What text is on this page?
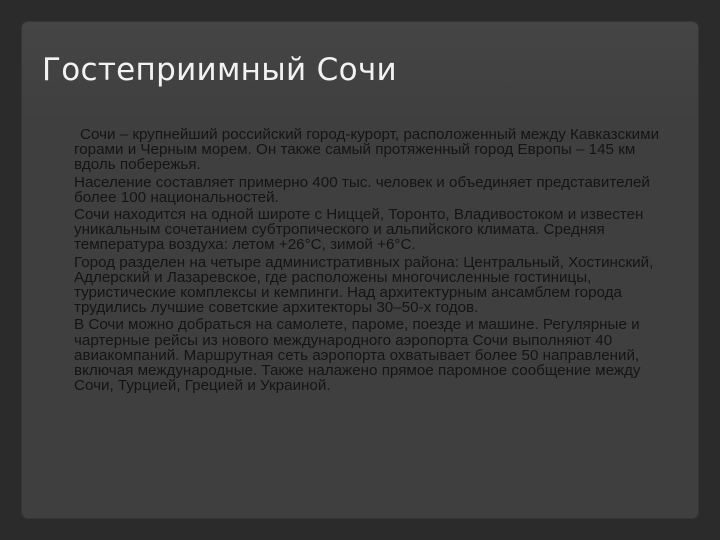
Гостеприимный Сочи

Сочи – крупнейший российский город-курорт, расположенный между Кавказскими горами и Черным морем. Он также самый протяженный город Европы – 145 км вдоль побережья.

Население составляет примерно 400 тыс. человек и объединяет представителей более 100 национальностей.

Сочи находится на одной широте с Ниццей, Торонто, Владивостоком и известен уникальным сочетанием субтропического и альпийского климата. Средняя температура воздуха: летом +26°С, зимой +6°С.

Город разделен на четыре административных района: Центральный, Хостинский, Адлерский и Лазаревское, где расположены многочисленные гостиницы, туристические комплексы и кемпинги. Над архитектурным ансамблем города трудились лучшие советские архитекторы 30–50-х годов.

В Сочи можно добраться на самолете, пароме, поезде и машине. Регулярные и чартерные рейсы из нового международного аэропорта Сочи выполняют 40 авиакомпаний. Маршрутная сеть аэропорта охватывает более 50 направлений, включая международные. Также налажено прямое паромное сообщение между Сочи, Турцией, Грецией и Украиной.
